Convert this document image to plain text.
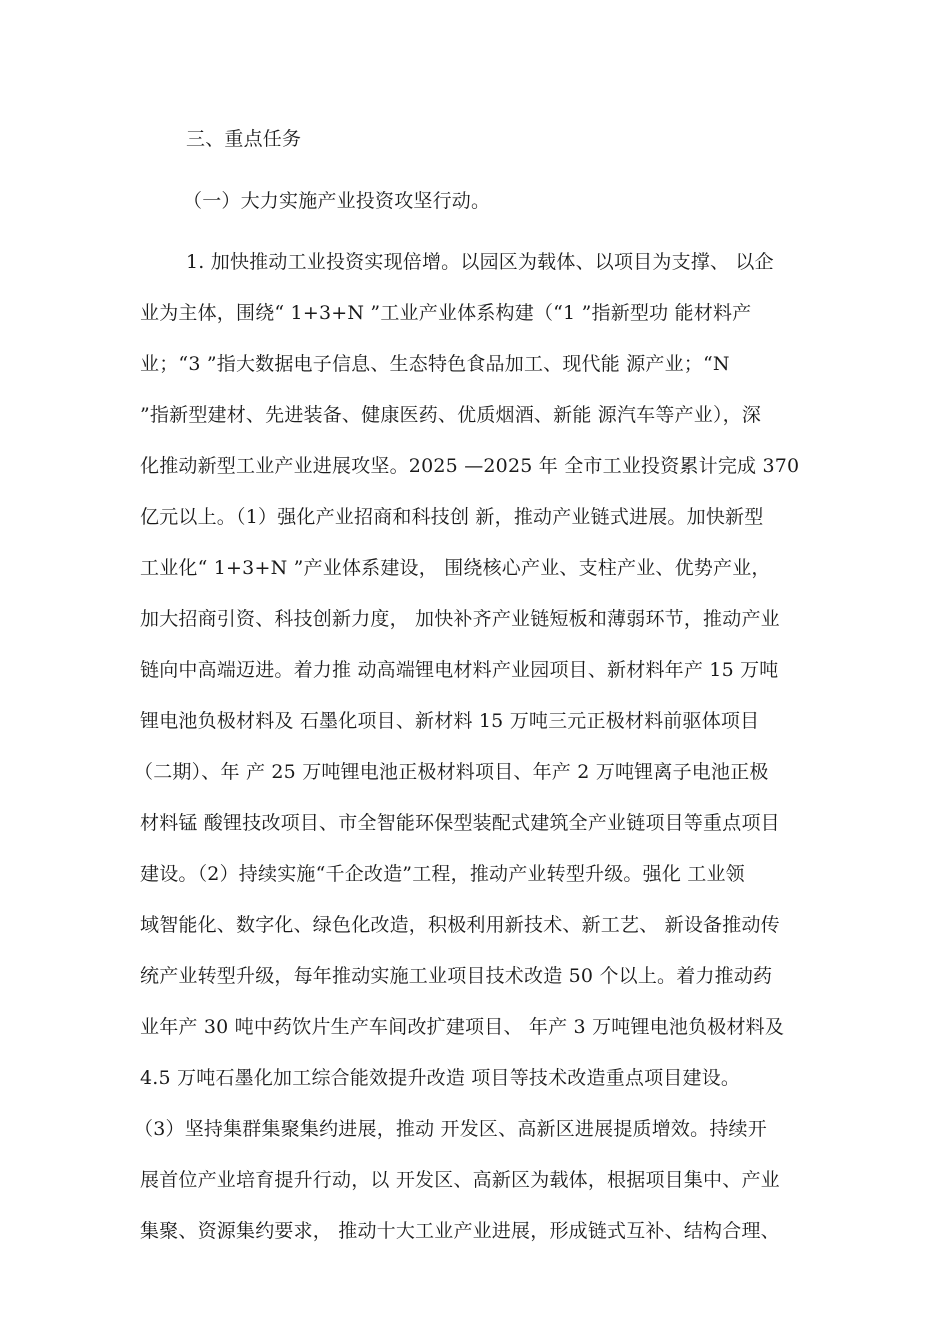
三、重点任务
（一）大力实施产业投资攻坚行动。
1. 加快推动工业投资实现倍增。以园区为载体、以项目为支撑、 以企
业为主体，围绕“ 1+3+N ”工业产业体系构建（“1 ”指新型功 能材料产
业；“3 ”指大数据电子信息、生态特色食品加工、现代能 源产业；“N
”指新型建材、先进装备、健康医药、优质烟酒、新能 源汽车等产业），深
化推动新型工业产业进展攻坚。2025 —2025 年 全市工业投资累计完成 370
亿元以上。（1）强化产业招商和科技创 新，推动产业链式进展。加快新型
工业化“ 1+3+N ”产业体系建设， 围绕核心产业、支柱产业、优势产业，
加大招商引资、科技创新力度， 加快补齐产业链短板和薄弱环节，推动产业
链向中高端迈进。着力推 动高端锂电材料产业园项目、新材料年产 15 万吨
锂电池负极材料及 石墨化项目、新材料 15 万吨三元正极材料前驱体项目
（二期）、年 产 25 万吨锂电池正极材料项目、年产 2 万吨锂离子电池正极
材料锰 酸锂技改项目、市全智能环保型装配式建筑全产业链项目等重点项目
建设。（2）持续实施“千企改造”工程，推动产业转型升级。强化 工业领
域智能化、数字化、绿色化改造，积极利用新技术、新工艺、 新设备推动传
统产业转型升级，每年推动实施工业项目技术改造 50 个以上。着力推动药
业年产 30 吨中药饮片生产车间改扩建项目、 年产 3 万吨锂电池负极材料及
4.5 万吨石墨化加工综合能效提升改造 项目等技术改造重点项目建设。
（3）坚持集群集聚集约进展，推动 开发区、高新区进展提质增效。持续开
展首位产业培育提升行动，以 开发区、高新区为载体，根据项目集中、产业
集聚、资源集约要求， 推动十大工业产业进展，形成链式互补、结构合理、
